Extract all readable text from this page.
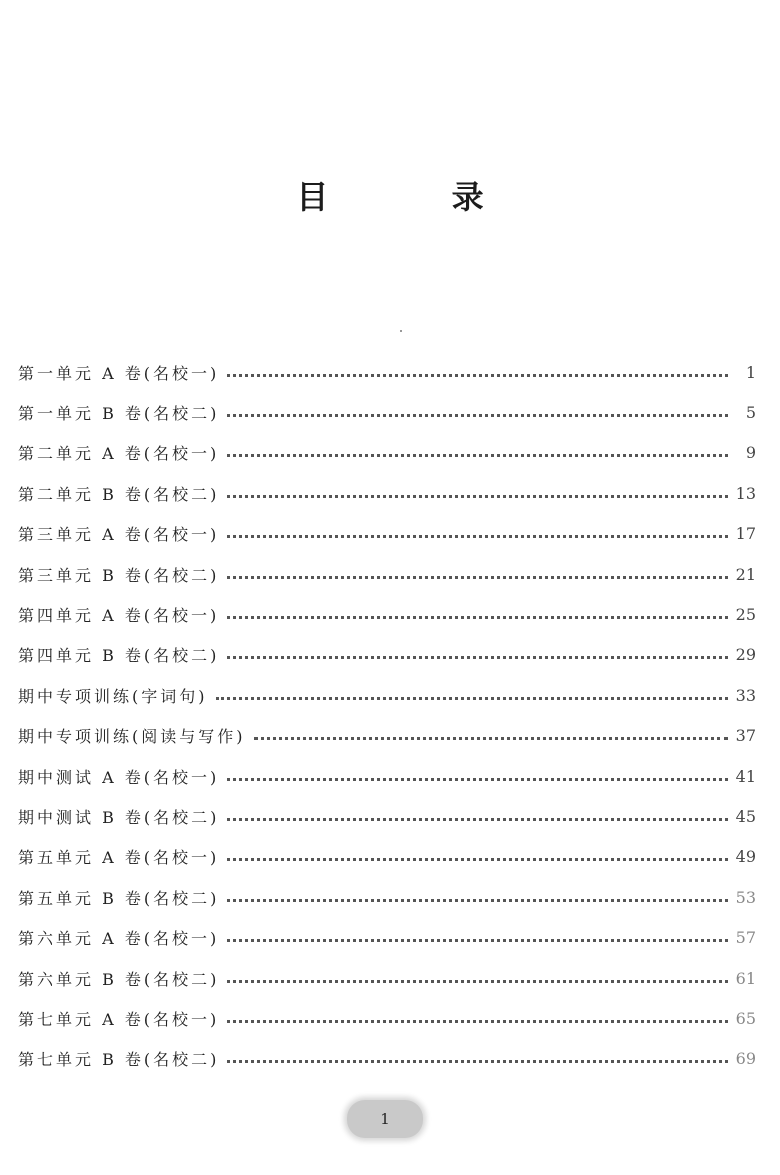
目 录
第一单元 A 卷(名校一)	1
第一单元 B 卷(名校二)	5
第二单元 A 卷(名校一)	9
第二单元 B 卷(名校二)	13
第三单元 A 卷(名校一)	17
第三单元 B 卷(名校二)	21
第四单元 A 卷(名校一)	25
第四单元 B 卷(名校二)	29
期中专项训练(字词句)	33
期中专项训练(阅读与写作)	37
期中测试 A 卷(名校一)	41
期中测试 B 卷(名校二)	45
第五单元 A 卷(名校一)	49
第五单元 B 卷(名校二)	53
第六单元 A 卷(名校一)	57
第六单元 B 卷(名校二)	61
第七单元 A 卷(名校一)	65
第七单元 B 卷(名校二)	69
1
